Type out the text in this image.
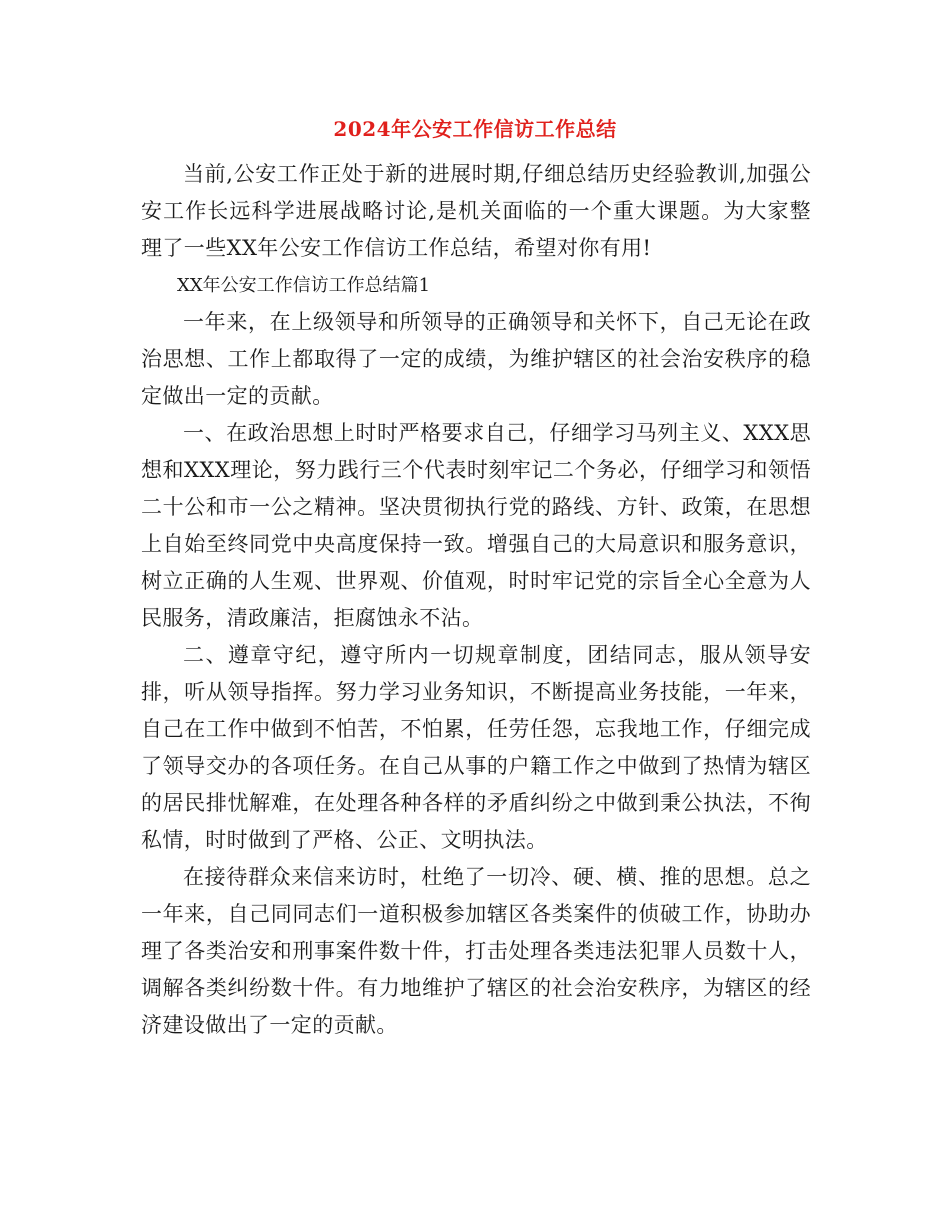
2024年公安工作信访工作总结

当前,公安工作正处于新的进展时期,仔细总结历史经验教训,加强公安工作长远科学进展战略讨论,是机关面临的一个重大课题。为大家整理了一些XX年公安工作信访工作总结，希望对你有用!

XX年公安工作信访工作总结篇1

一年来，在上级领导和所领导的正确领导和关怀下，自己无论在政治思想、工作上都取得了一定的成绩，为维护辖区的社会治安秩序的稳定做出一定的贡献。

一、在政治思想上时时严格要求自己，仔细学习马列主义、XXX思想和XXX理论，努力践行三个代表时刻牢记二个务必，仔细学习和领悟二十公和市一公之精神。坚决贯彻执行党的路线、方针、政策，在思想上自始至终同党中央高度保持一致。增强自己的大局意识和服务意识，树立正确的人生观、世界观、价值观，时时牢记党的宗旨全心全意为人民服务，清政廉洁，拒腐蚀永不沾。

二、遵章守纪，遵守所内一切规章制度，团结同志，服从领导安排，听从领导指挥。努力学习业务知识，不断提高业务技能，一年来，自己在工作中做到不怕苦，不怕累，任劳任怨，忘我地工作，仔细完成了领导交办的各项任务。在自己从事的户籍工作之中做到了热情为辖区的居民排忧解难，在处理各种各样的矛盾纠纷之中做到秉公执法，不徇私情，时时做到了严格、公正、文明执法。

在接待群众来信来访时，杜绝了一切冷、硬、横、推的思想。总之一年来，自己同同志们一道积极参加辖区各类案件的侦破工作，协助办理了各类治安和刑事案件数十件，打击处理各类违法犯罪人员数十人，调解各类纠纷数十件。有力地维护了辖区的社会治安秩序，为辖区的经济建设做出了一定的贡献。
